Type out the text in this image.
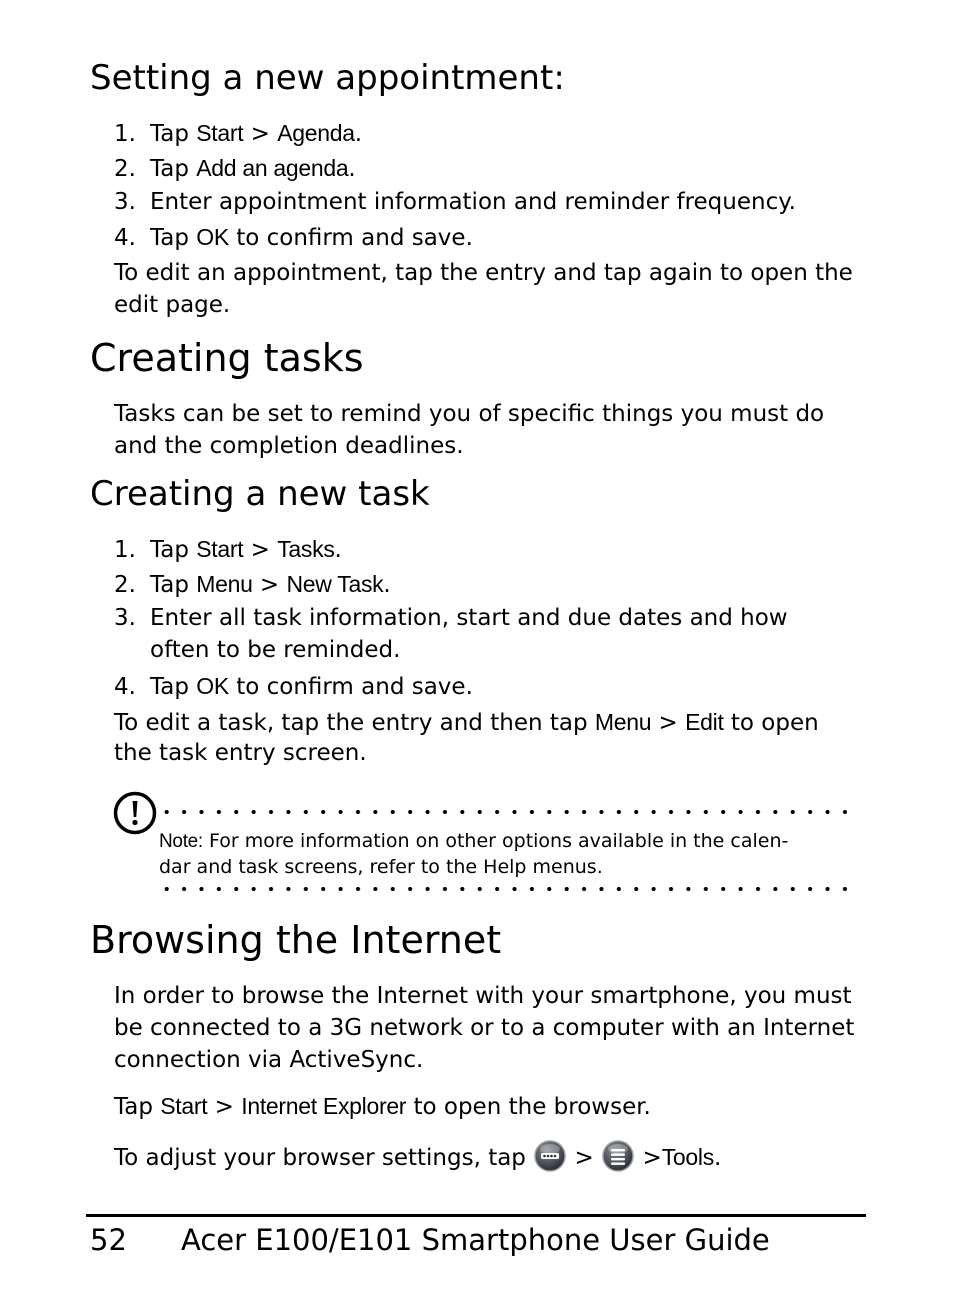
Setting a new appointment:
1. Tap Start > Agenda.
2. Tap Add an agenda.
3. Enter appointment information and reminder frequency.
4. Tap OK to confirm and save.
To edit an appointment, tap the entry and tap again to open the edit page.
Creating tasks
Tasks can be set to remind you of specific things you must do and the completion deadlines.
Creating a new task
1. Tap Start > Tasks.
2. Tap Menu > New Task.
3. Enter all task information, start and due dates and how
often to be reminded.
4. Tap OK to confirm and save.
To edit a task, tap the entry and then tap Menu > Edit to open
the task entry screen.
Note: For more information on other options available in the calen-
dar and task screens, refer to the Help menus.
Browsing the Internet
In order to browse the Internet with your smartphone, you must be connected to a 3G network or to a computer with an Internet connection via ActiveSync.
Tap Start > Internet Explorer to open the browser.
To adjust your browser settings, tap  >  >Tools.
52 Acer E100/E101 Smartphone User Guide
